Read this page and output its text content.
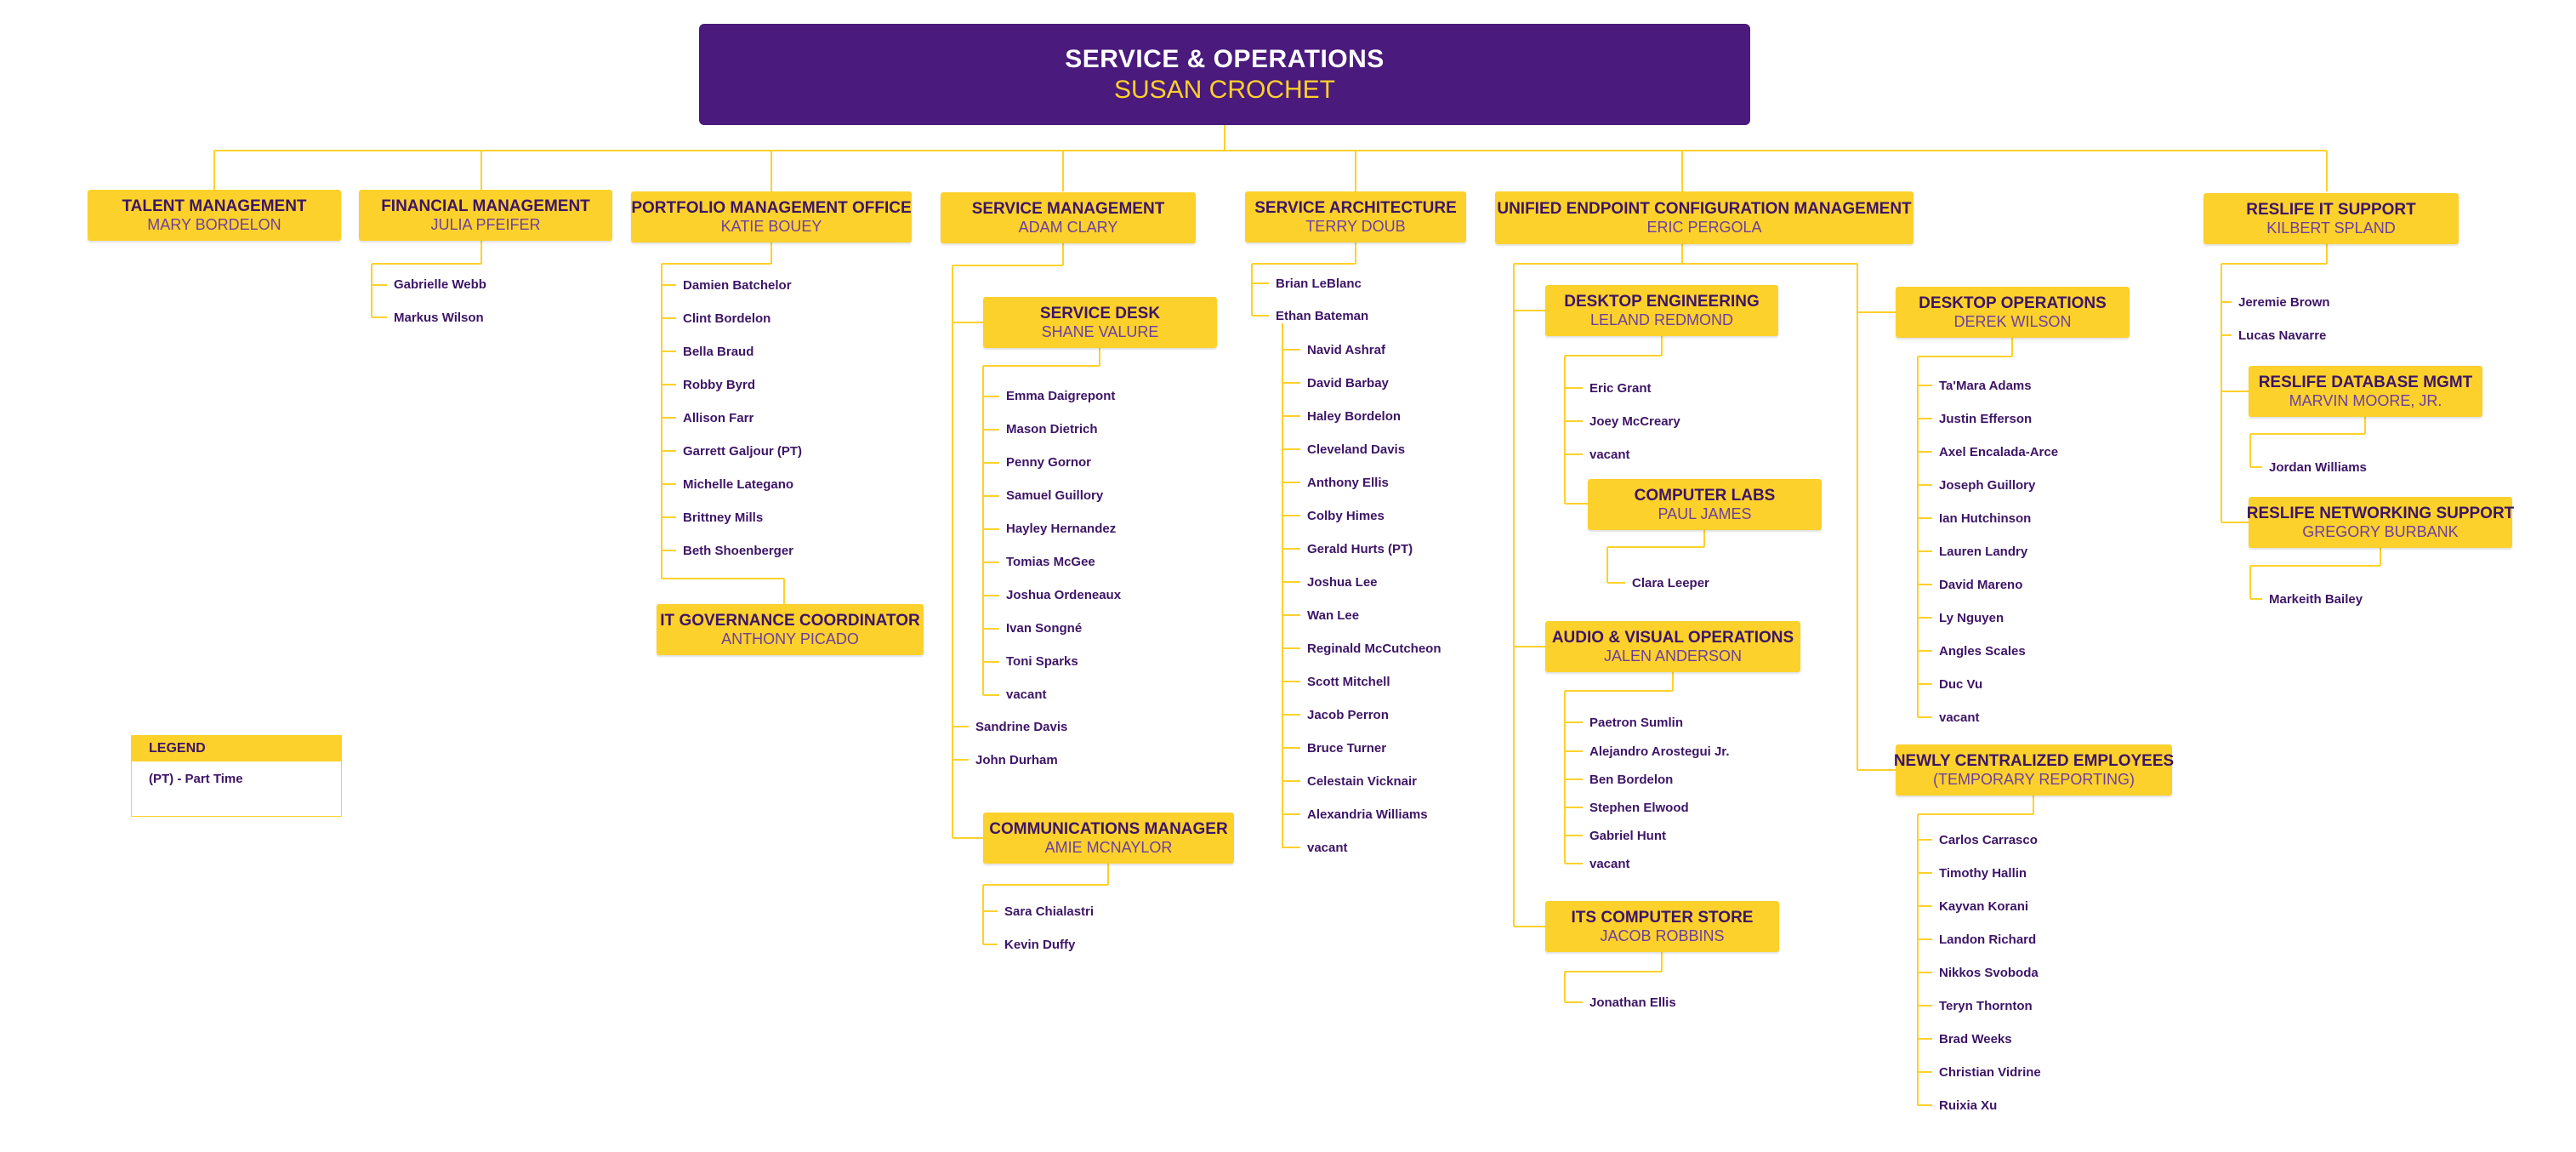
SERVICE & OPERATIONS
SUSAN CROCHET
TALENT MANAGEMENT
MARY BORDELON
FINANCIAL MANAGEMENT
JULIA PFEIFER
PORTFOLIO MANAGEMENT OFFICE
KATIE BOUEY
SERVICE MANAGEMENT
ADAM CLARY
SERVICE ARCHITECTURE
TERRY DOUB
UNIFIED ENDPOINT CONFIGURATION MANAGEMENT
ERIC PERGOLA
RESLIFE IT SUPPORT
KILBERT SPLAND
IT GOVERNANCE COORDINATOR
ANTHONY PICADO
SERVICE DESK
SHANE VALURE
COMMUNICATIONS MANAGER
AMIE MCNAYLOR
DESKTOP ENGINEERING
LELAND REDMOND
COMPUTER LABS
PAUL JAMES
AUDIO & VISUAL OPERATIONS
JALEN ANDERSON
ITS COMPUTER STORE
JACOB ROBBINS
DESKTOP OPERATIONS
DEREK WILSON
NEWLY CENTRALIZED EMPLOYEES
(TEMPORARY REPORTING)
RESLIFE DATABASE MGMT
MARVIN MOORE, JR.
RESLIFE NETWORKING SUPPORT
GREGORY BURBANK
Gabrielle Webb
Markus Wilson
Damien Batchelor
Clint Bordelon
Bella Braud
Robby Byrd
Allison Farr
Garrett Galjour (PT)
Michelle Lategano
Brittney Mills
Beth Shoenberger
Emma Daigrepont
Mason Dietrich
Penny Gornor
Samuel Guillory
Hayley Hernandez
Tomias McGee
Joshua Ordeneaux
Ivan Songné
Toni Sparks
vacant
Sandrine Davis
John Durham
Sara Chialastri
Kevin Duffy
Brian LeBlanc
Ethan Bateman
Navid Ashraf
David Barbay
Haley Bordelon
Cleveland Davis
Anthony Ellis
Colby Himes
Gerald Hurts (PT)
Joshua Lee
Wan Lee
Reginald McCutcheon
Scott Mitchell
Jacob Perron
Bruce Turner
Celestain Vicknair
Alexandria Williams
vacant
Eric Grant
Joey McCreary
vacant
Clara Leeper
Paetron Sumlin
Alejandro Arostegui Jr.
Ben Bordelon
Stephen Elwood
Gabriel Hunt
vacant
Jonathan Ellis
Ta'Mara Adams
Justin Efferson
Axel Encalada-Arce
Joseph Guillory
Ian Hutchinson
Lauren Landry
David Mareno
Ly Nguyen
Angles Scales
Duc Vu
vacant
Carlos Carrasco
Timothy Hallin
Kayvan Korani
Landon Richard
Nikkos Svoboda
Teryn Thornton
Brad Weeks
Christian Vidrine
Ruixia Xu
Jeremie Brown
Lucas Navarre
Jordan Williams
Markeith Bailey
LEGEND
(PT) - Part Time
